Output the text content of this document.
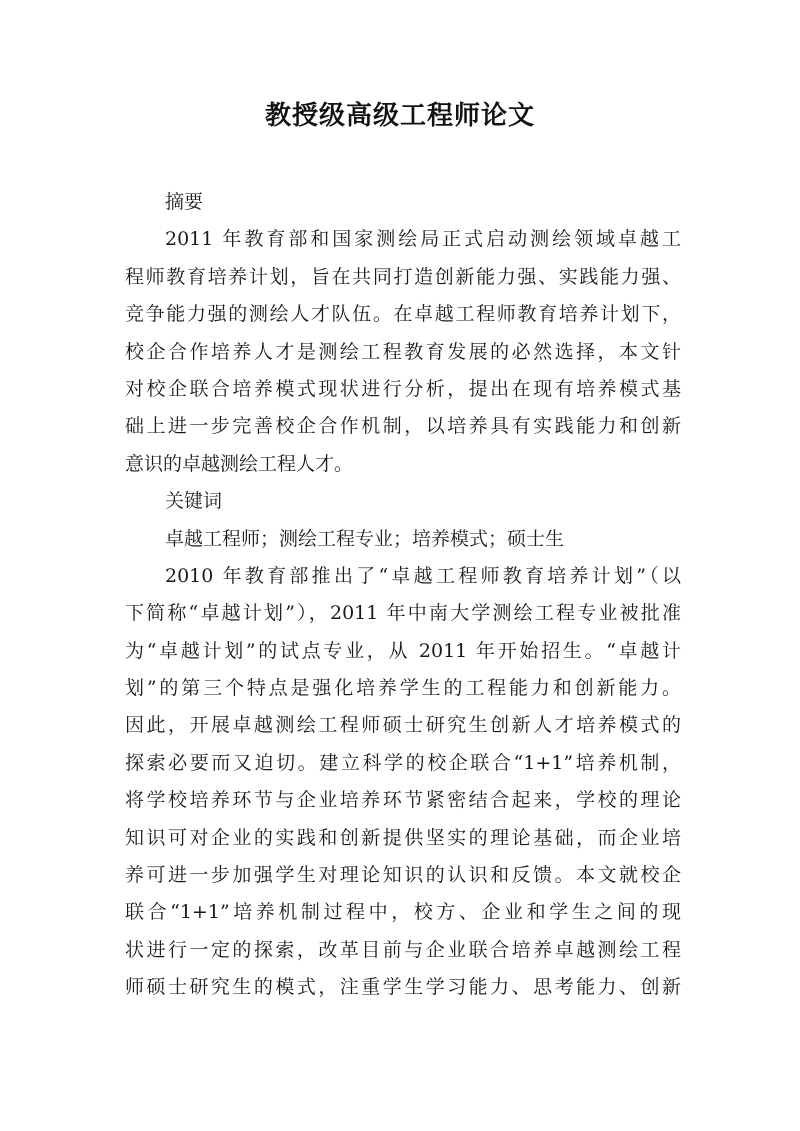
教授级高级工程师论文
摘要
2011 年教育部和国家测绘局正式启动测绘领域卓越工
程师教育培养计划，旨在共同打造创新能力强、实践能力强、
竞争能力强的测绘人才队伍。在卓越工程师教育培养计划下，
校企合作培养人才是测绘工程教育发展的必然选择，本文针
对校企联合培养模式现状进行分析，提出在现有培养模式基
础上进一步完善校企合作机制，以培养具有实践能力和创新
意识的卓越测绘工程人才。
关键词
卓越工程师；测绘工程专业；培养模式；硕士生
2010 年教育部推出了“卓越工程师教育培养计划”（以
下简称“卓越计划”），2011 年中南大学测绘工程专业被批准
为“卓越计划”的试点专业，从 2011 年开始招生。“卓越计
划”的第三个特点是强化培养学生的工程能力和创新能力。
因此，开展卓越测绘工程师硕士研究生创新人才培养模式的
探索必要而又迫切。建立科学的校企联合“1+1”培养机制，
将学校培养环节与企业培养环节紧密结合起来，学校的理论
知识可对企业的实践和创新提供坚实的理论基础，而企业培
养可进一步加强学生对理论知识的认识和反馈。本文就校企
联合“1+1”培养机制过程中，校方、企业和学生之间的现
状进行一定的探索，改革目前与企业联合培养卓越测绘工程
师硕士研究生的模式，注重学生学习能力、思考能力、创新
